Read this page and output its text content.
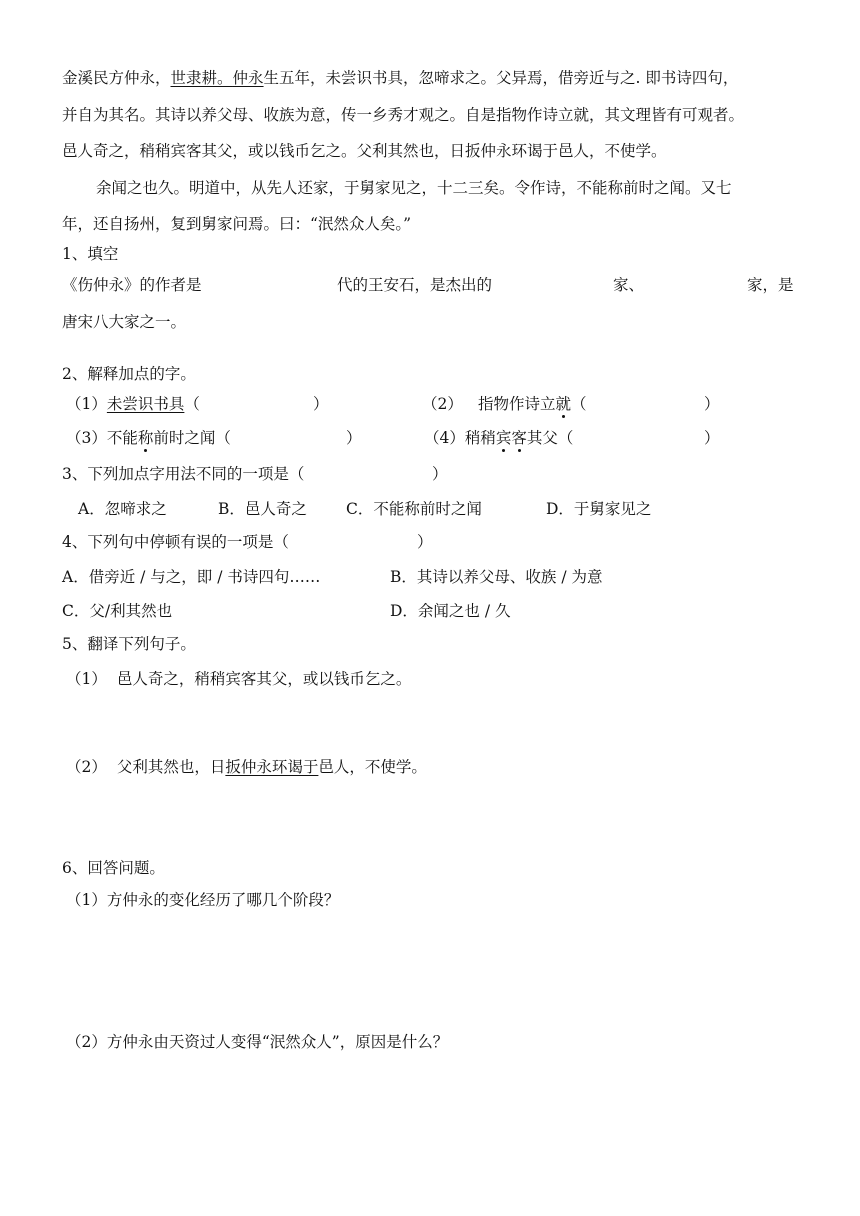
金溪民方仲永，世隶耕。仲永生五年，未尝识书具，忽啼求之。父异焉，借旁近与之. 即书诗四句，
并自为其名。其诗以养父母、收族为意，传一乡秀才观之。自是指物作诗立就，其文理皆有可观者。
邑人奇之，稍稍宾客其父，或以钱币乞之。父利其然也，日扳仲永环谒于邑人，不使学。
余闻之也久。明道中，从先人还家，于舅家见之，十二三矣。令作诗，不能称前时之闻。又七
年，还自扬州，复到舅家问焉。曰：“泯然众人矣。”
1、填空
《伤仲永》的作者是	代的王安石，是杰出的	家、	家，是
唐宋八大家之一。
2、解释加点的字。
（1）未尝识书具（	）	（2） 指物作诗立就（	）
（3）不能称前时之闻（	）	（4）稍稍宾客其父（	）
3、下列加点字用法不同的一项是（	）
A．忽啼求之	B．邑人奇之	C．不能称前时之闻	D．于舅家见之
4、下列句中停顿有误的一项是（	）
A．借旁近 / 与之，即 / 书诗四句……	B．其诗以养父母、收族 / 为意
C．父/利其然也	D．余闻之也 / 久
5、翻译下列句子。
（1） 邑人奇之，稍稍宾客其父，或以钱币乞之。
（2） 父利其然也，日扳仲永环谒于邑人，不使学。
6、回答问题。
（1）方仲永的变化经历了哪几个阶段？
（2）方仲永由天资过人变得“泯然众人”，原因是什么？
